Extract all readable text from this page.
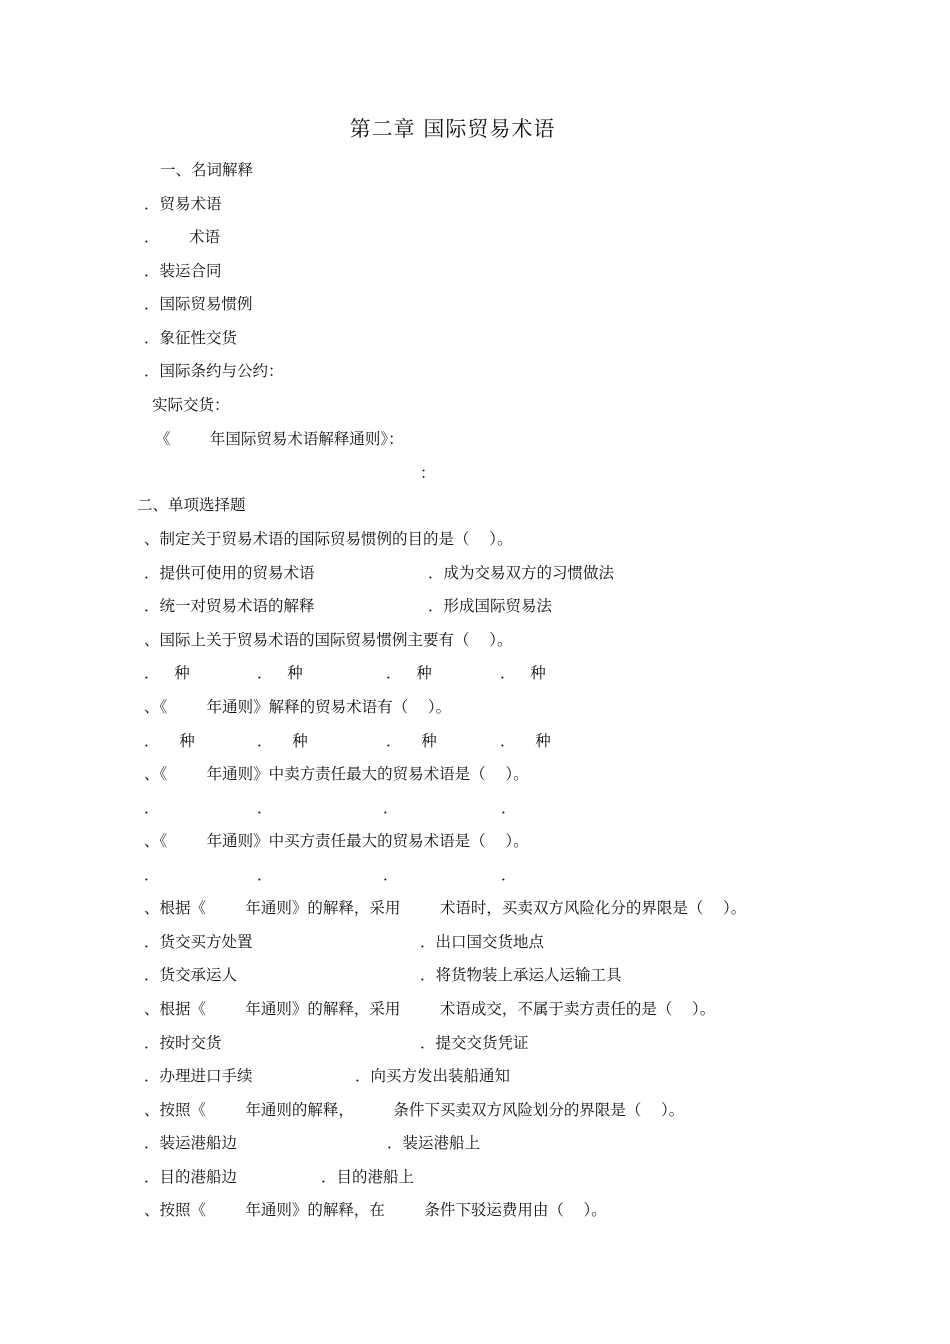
第二章 国际贸易术语
一、名词解释
．贸易术语
．      术语
．装运合同
．国际贸易惯例
．象征性交货
．国际条约与公约：
实际交货：
《        年国际贸易术语解释通则》：
：
二、单项选择题
、制定关于贸易术语的国际贸易惯例的目的是（    ）。
．提供可使用的贸易术语	．成为交易双方的习惯做法
．统一对贸易术语的解释	．形成国际贸易法
、国际上关于贸易术语的国际贸易惯例主要有（    ）。
．   种	．   种	．   种	．   种
、《        年通则》解释的贸易术语有（    ）。
．    种	．    种	．    种	．    种
、《        年通则》中卖方责任最大的贸易术语是（    ）。
．	．	．	．
、《        年通则》中买方责任最大的贸易术语是（    ）。
．	．	．	．
、根据《        年通则》的解释，采用        术语时，买卖双方风险化分的界限是（    ）。
．货交买方处置	．出口国交货地点
．货交承运人	．将货物装上承运人运输工具
、根据《        年通则》的解释，采用        术语成交，不属于卖方责任的是（    ）。
．按时交货	．提交交货凭证
．办理进口手续	．向买方发出装船通知
、按照《        年通则的解释，        条件下买卖双方风险划分的界限是（    ）。
．装运港船边	．装运港船上
．目的港船边	．目的港船上
、按照《        年通则》的解释，在        条件下驳运费用由（    ）。
